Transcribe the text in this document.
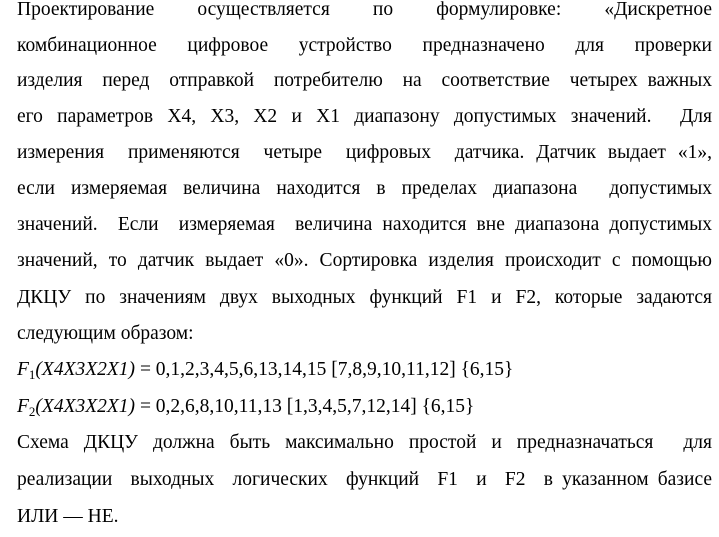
Проектирование  осуществляется  по  формулировке:  «Дискретное
комбинационное  цифровое  устройство  предназначено  для  проверки
изделия  перед  отправкой  потребителю  на  соответствие  четырех важных
его параметров X4, X3, X2 и X1 диапазону допустимых значений.  Для
измерения  применяются  четыре  цифровых  датчика. Датчик выдает «1»,
если измеряемая величина находится в пределах диапазона  допустимых
значений.  Если  измеряемая  величина находится вне диапазона допустимых
значений, то датчик выдает «0». Сортировка изделия происходит с помощью
ДКЦУ по значениям двух выходных функций F1 и F2, которые задаются
следующим образом:
$F_1(X4X3X2X1) = 0,1,2,3,4,5,6,13,14,15$ [7,8,9,10,11,12] {6,15}
$F_2(X4X3X2X1) = 0,2,6,8,10,11,13$ [1,3,4,5,7,12,14] {6,15}
Схема ДКЦУ должна быть максимально простой и предназначаться  для
реализации  выходных  логических  функций  F1  и  F2  в указанном базисе
ИЛИ — НЕ.
